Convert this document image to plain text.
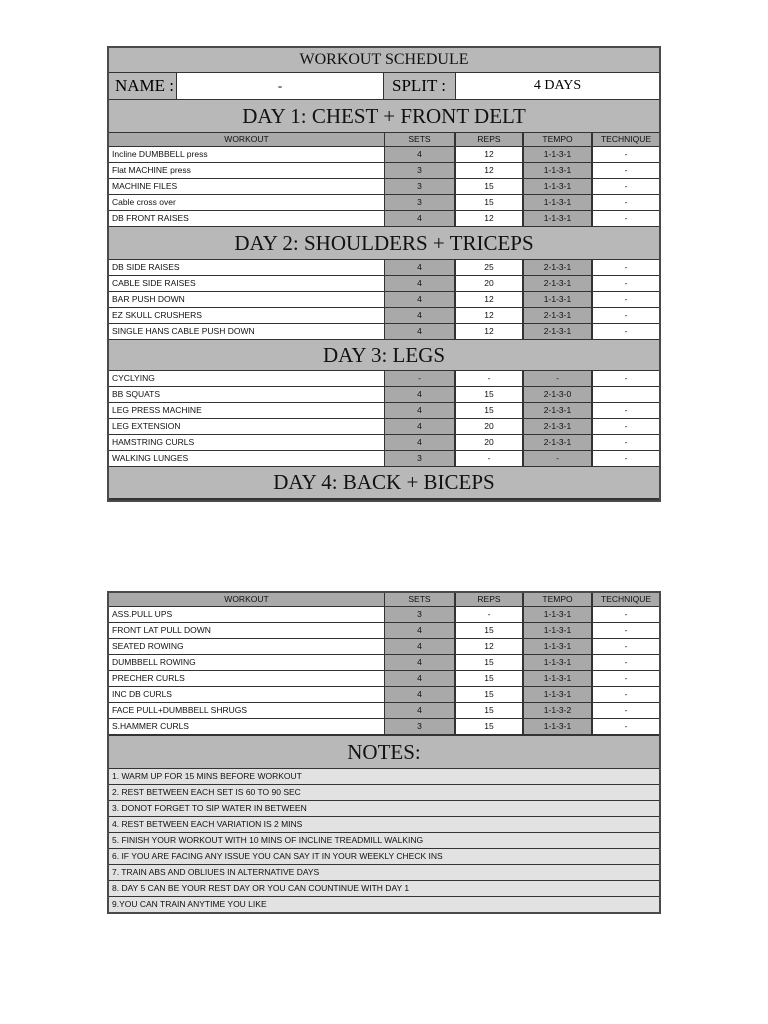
WORKOUT SCHEDULE
NAME :	-	SPLIT :	4 DAYS
DAY 1: CHEST + FRONT DELT
WORKOUT	SETS	REPS	TEMPO	TECHNIQUE
Incline DUMBBELL press	4	12	1-1-3-1	-
Flat MACHINE press	3	12	1-1-3-1	-
MACHINE FILES	3	15	1-1-3-1	-
Cable cross over	3	15	1-1-3-1	-
DB FRONT RAISES	4	12	1-1-3-1	-
DAY 2: SHOULDERS + TRICEPS
DB SIDE RAISES	4	25	2-1-3-1	-
CABLE SIDE RAISES	4	20	2-1-3-1	-
BAR PUSH DOWN	4	12	1-1-3-1	-
EZ SKULL CRUSHERS	4	12	2-1-3-1	-
SINGLE HANS CABLE PUSH DOWN	4	12	2-1-3-1	-
DAY 3: LEGS
CYCLYING	-	-	-	-
BB SQUATS	4	15	2-1-3-0
LEG PRESS MACHINE	4	15	2-1-3-1	-
LEG EXTENSION	4	20	2-1-3-1	-
HAMSTRING CURLS	4	20	2-1-3-1	-
WALKING LUNGES	3	-	-	-
DAY 4: BACK + BICEPS
WORKOUT	SETS	REPS	TEMPO	TECHNIQUE
ASS.PULL UPS	3	-	1-1-3-1	-
FRONT LAT PULL DOWN	4	15	1-1-3-1	-
SEATED ROWING	4	12	1-1-3-1	-
DUMBBELL ROWING	4	15	1-1-3-1	-
PRECHER CURLS	4	15	1-1-3-1	-
INC DB CURLS	4	15	1-1-3-1	-
FACE PULL+DUMBBELL SHRUGS	4	15	1-1-3-2	-
S.HAMMER CURLS	3	15	1-1-3-1	-
NOTES:
1. WARM UP FOR 15 MINS BEFORE WORKOUT
2. REST BETWEEN EACH SET IS 60 TO 90 SEC
3. DONOT FORGET TO SIP WATER IN BETWEEN
4. REST BETWEEN EACH VARIATION IS 2 MINS
5. FINISH YOUR WORKOUT WITH 10 MINS OF INCLINE TREADMILL WALKING
6. IF YOU ARE FACING ANY ISSUE YOU CAN SAY IT IN YOUR WEEKLY CHECK INS
7. TRAIN ABS AND OBLIUES IN ALTERNATIVE DAYS
8. DAY 5 CAN BE YOUR REST DAY OR YOU CAN COUNTINUE WITH DAY 1
9.YOU CAN TRAIN ANYTIME YOU LIKE
